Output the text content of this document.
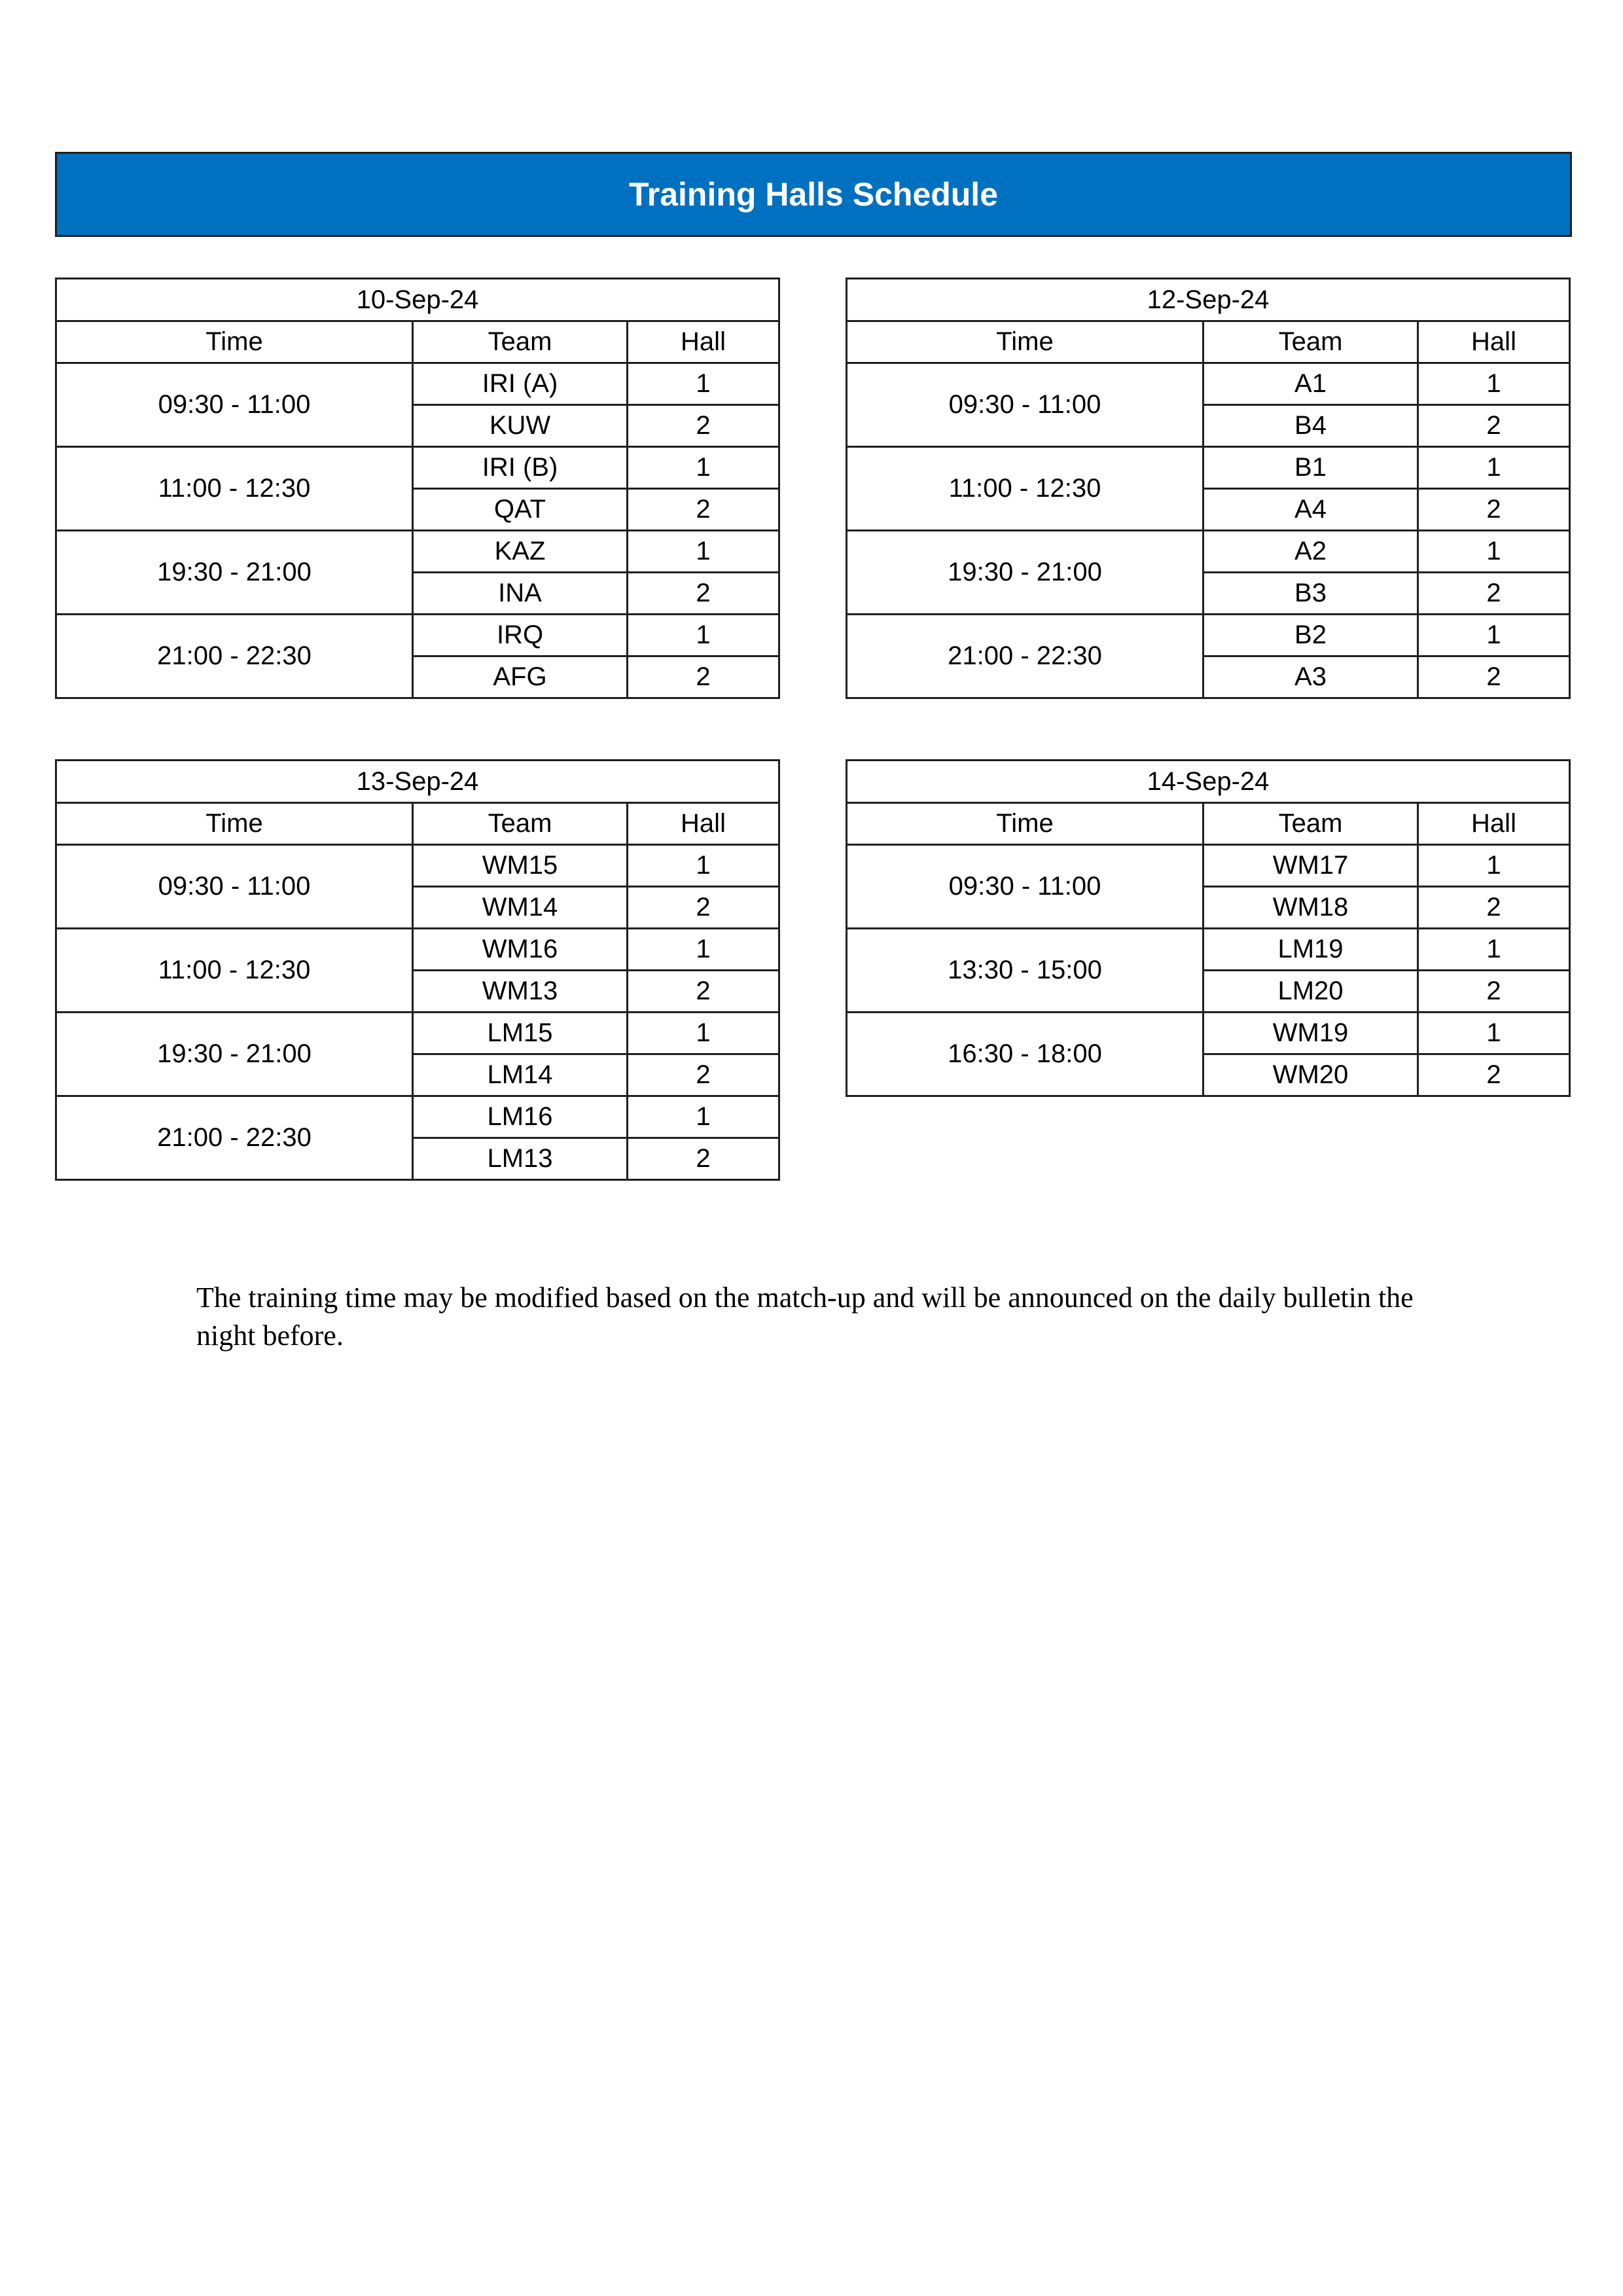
Training Halls Schedule
10-Sep-24		
Time	Team	Hall
09:30 - 11:00	IRI (A)	1
	KUW	2
11:00 - 12:30	IRI (B)	1
	QAT	2
19:30 - 21:00	KAZ	1
	INA	2
21:00 - 22:30	IRQ	1
	AFG	2
12-Sep-24		
Time	Team	Hall
09:30 - 11:00	A1	1
	B4	2
11:00 - 12:30	B1	1
	A4	2
19:30 - 21:00	A2	1
	B3	2
21:00 - 22:30	B2	1
	A3	2
13-Sep-24		
Time	Team	Hall
09:30 - 11:00	WM15	1
	WM14	2
11:00 - 12:30	WM16	1
	WM13	2
19:30 - 21:00	LM15	1
	LM14	2
21:00 - 22:30	LM16	1
	LM13	2
14-Sep-24		
Time	Team	Hall
09:30 - 11:00	WM17	1
	WM18	2
13:30 - 15:00	LM19	1
	LM20	2
16:30 - 18:00	WM19	1
	WM20	2

The training time may be modified based on the match-up and will be announced on the daily bulletin the night before.
